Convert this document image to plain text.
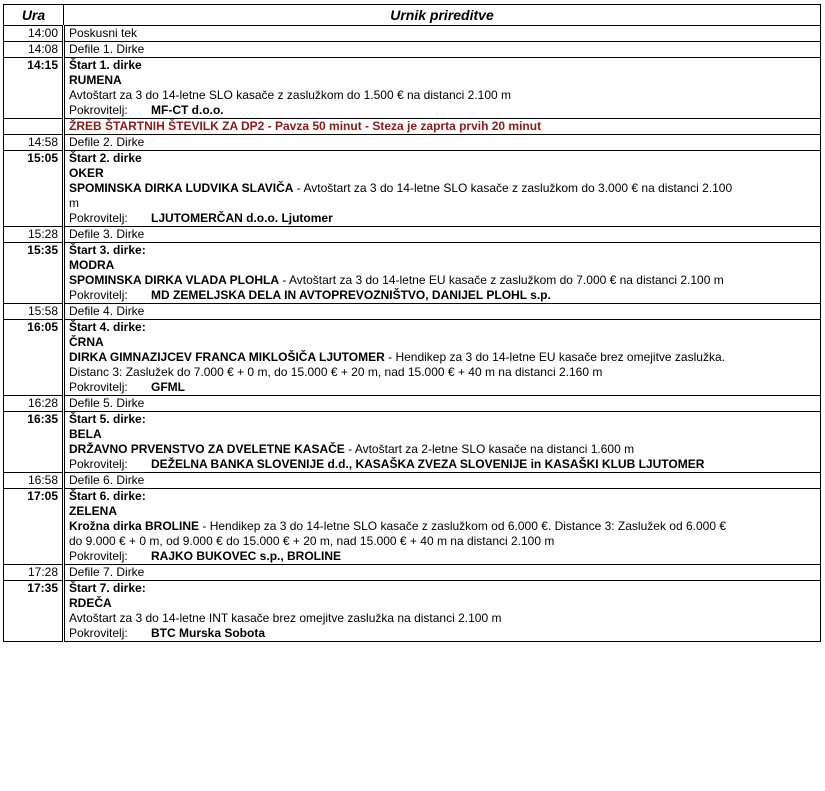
Ura	Urnik prireditve
14:00	Poskusni tek
14:08	Defile 1. Dirke
14:15	Štart 1. dirke
RUMENA
Avtoštart za 3 do 14-letne SLO kasače z zaslužkom do 1.500 € na distanci 2.100 m
Pokrovitelj: MF-CT d.o.o.

	ŽREB ŠTARTNIH ŠTEVILK ZA DP2 - Pavza 50 minut - Steza je zaprta prvih 20 minut
14:58	Defile 2. Dirke
15:05	Štart 2. dirke
OKER
SPOMINSKA DIRKA LUDVIKA SLAVIČA - Avtoštart za 3 do 14-letne SLO kasače z zaslužkom do 3.000 € na distanci 2.100
m
Pokrovitelj: LJUTOMERČAN d.o.o. Ljutomer

15:28	Defile 3. Dirke
15:35	Štart 3. dirke:
MODRA
SPOMINSKA DIRKA VLADA PLOHLA - Avtoštart za 3 do 14-letne EU kasače z zaslužkom do 7.000 € na distanci 2.100 m
Pokrovitelj: MD ZEMELJSKA DELA IN AVTOPREVOZNIŠTVO, DANIJEL PLOHL s.p.

15:58	Defile 4. Dirke
16:05	Štart 4. dirke:
ČRNA
DIRKA GIMNAZIJCEV FRANCA MIKLOŠIČA LJUTOMER - Hendikep za 3 do 14-letne EU kasače brez omejitve zaslužka.
Distanc 3: Zaslužek do 7.000 € + 0 m, do 15.000 € + 20 m, nad 15.000 € + 40 m na distanci 2.160 m
Pokrovitelj: GFML

16:28	Defile 5. Dirke
16:35	Štart 5. dirke:
BELA
DRŽAVNO PRVENSTVO ZA DVELETNE KASAČE - Avtoštart za 2-letne SLO kasače na distanci 1.600 m
Pokrovitelj: DEŽELNA BANKA SLOVENIJE d.d., KASAŠKA ZVEZA SLOVENIJE in KASAŠKI KLUB LJUTOMER

16:58	Defile 6. Dirke
17:05	Štart 6. dirke:
ZELENA
Krožna dirka BROLINE - Hendikep za 3 do 14-letne SLO kasače z zaslužkom od 6.000 €. Distance 3: Zaslužek od 6.000 €
do 9.000 € + 0 m, od 9.000 € do 15.000 € + 20 m, nad 15.000 € + 40 m na distanci 2.100 m
Pokrovitelj: RAJKO BUKOVEC s.p., BROLINE

17:28	Defile 7. Dirke
17:35	Štart 7. dirke:
RDEČA
Avtoštart za 3 do 14-letne INT kasače brez omejitve zaslužka na distanci 2.100 m
Pokrovitelj: BTC Murska Sobota
